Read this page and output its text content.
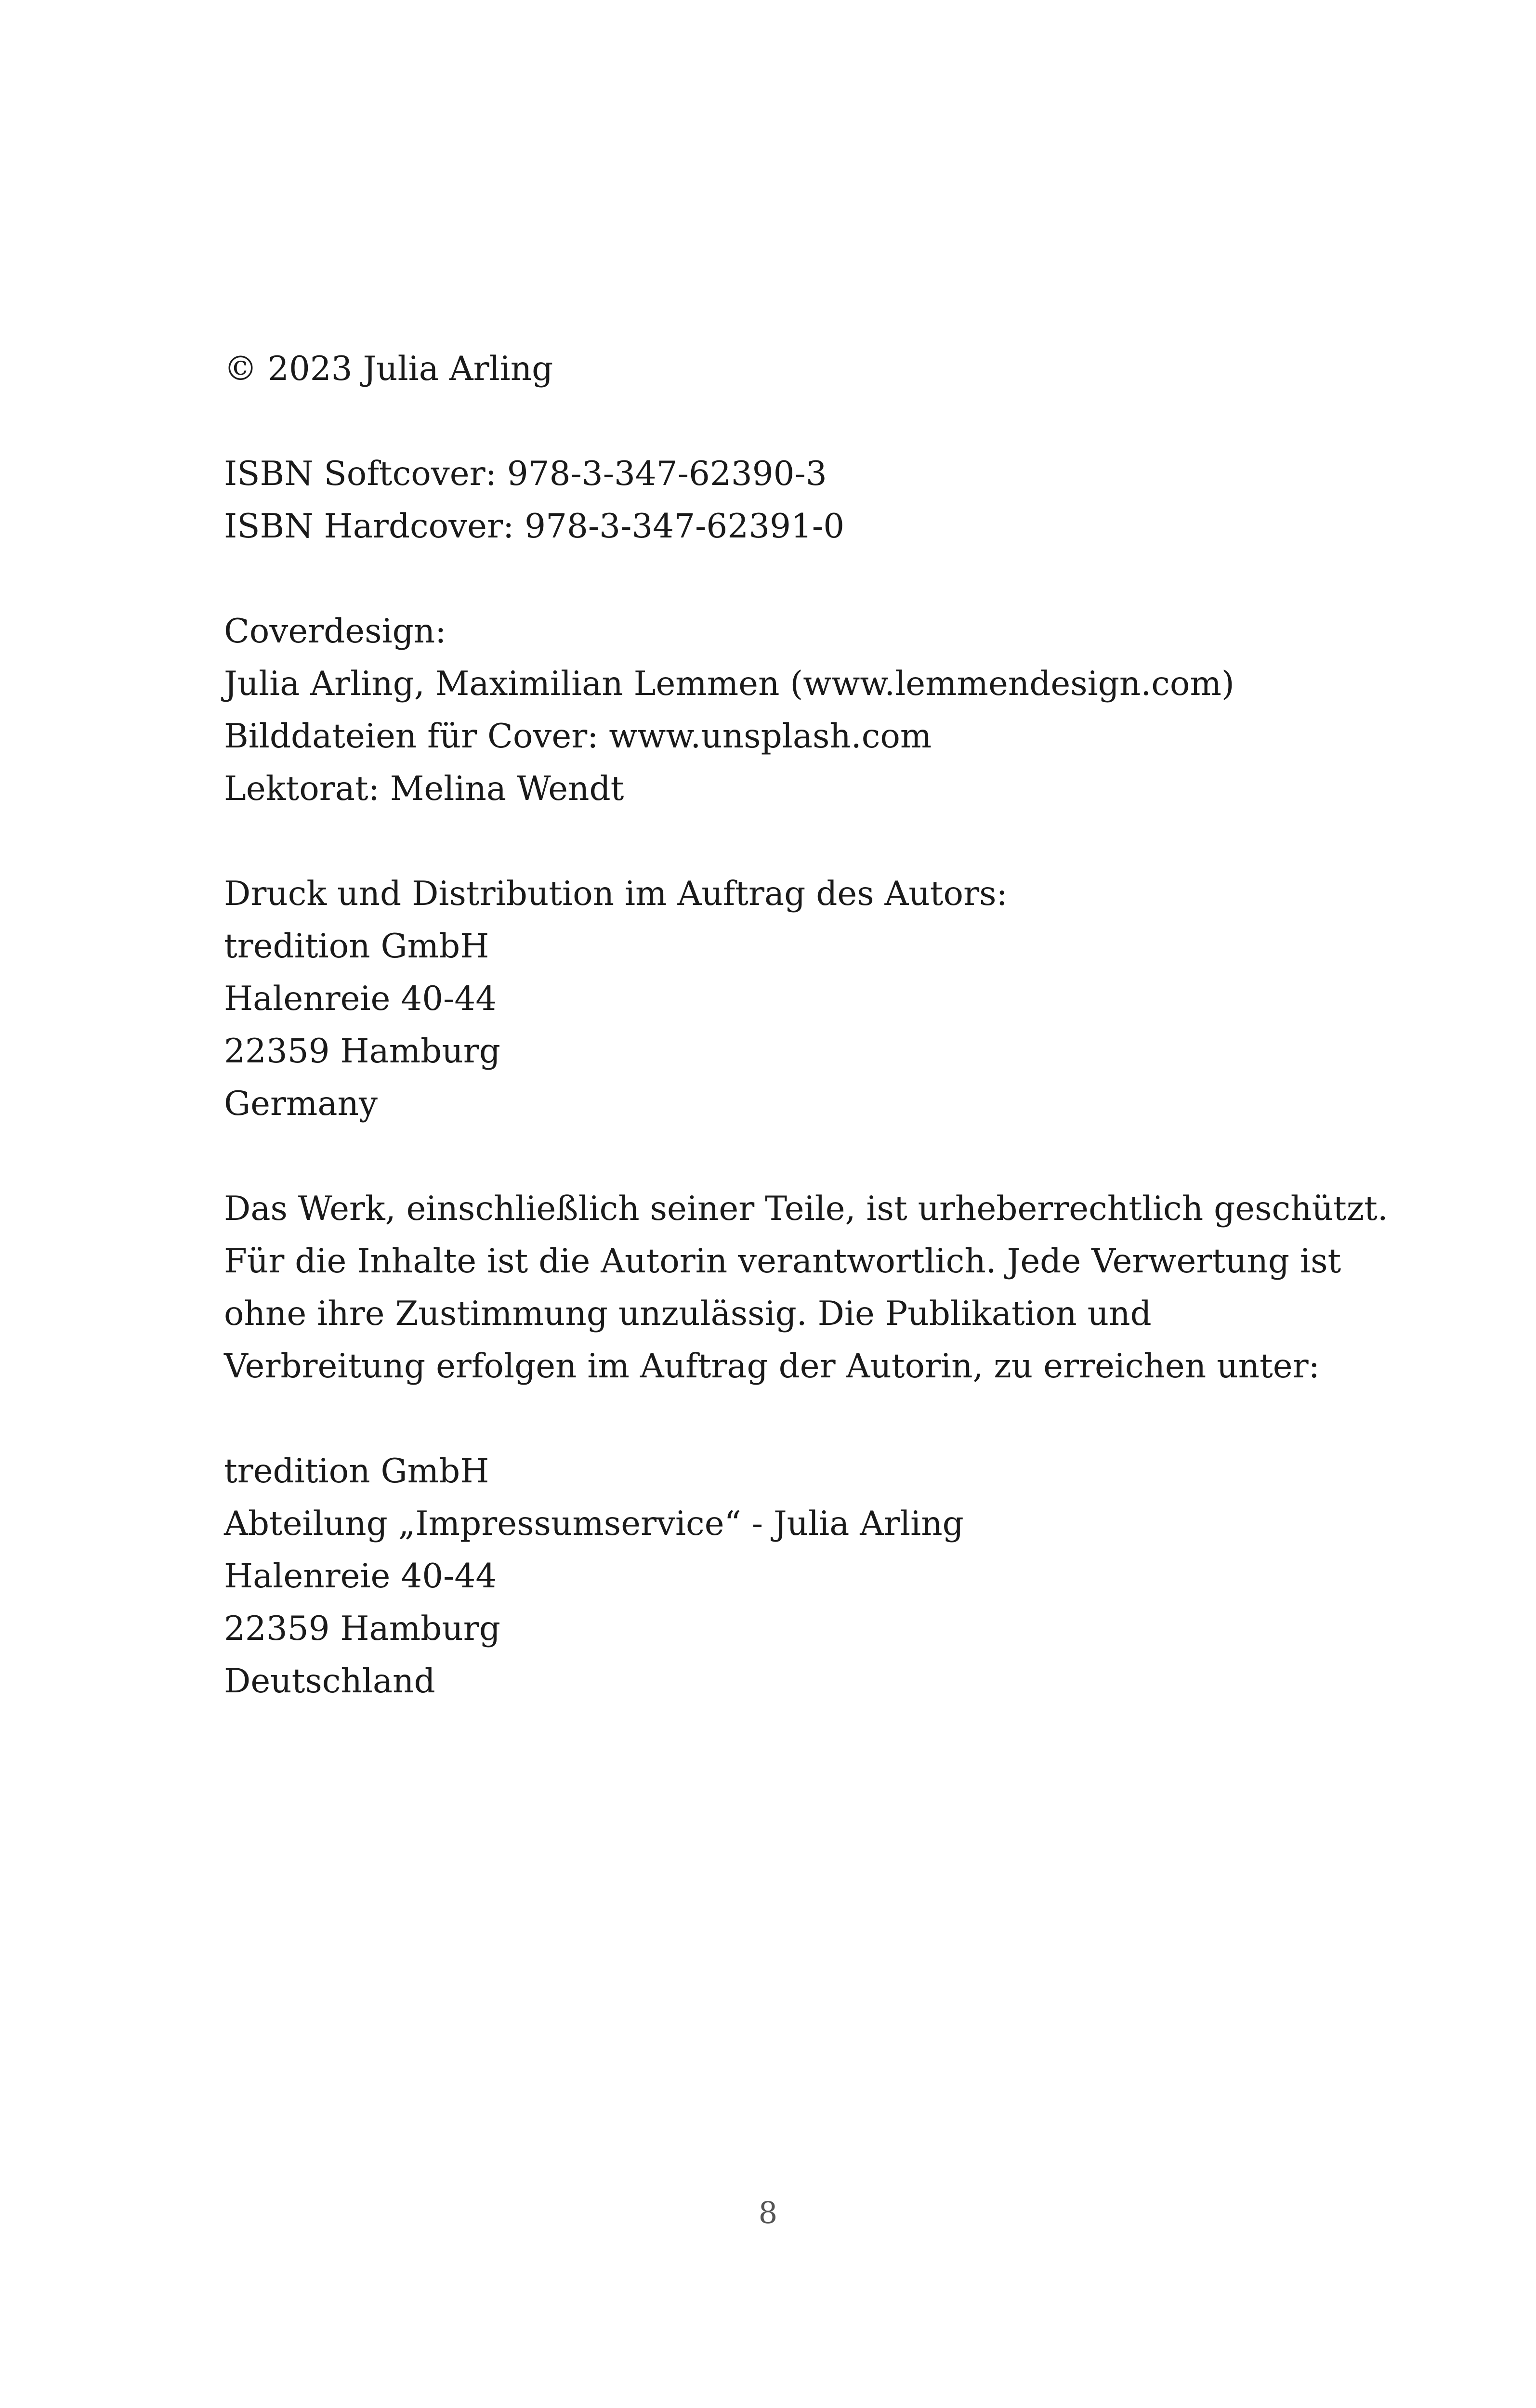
© 2023 Julia Arling
ISBN Softcover: 978-3-347-62390-3
ISBN Hardcover: 978-3-347-62391-0
Coverdesign:
Julia Arling, Maximilian Lemmen (www.lemmendesign.com)
Bilddateien für Cover: www.unsplash.com
Lektorat: Melina Wendt
Druck und Distribution im Auftrag des Autors:
tredition GmbH
Halenreie 40-44
22359 Hamburg
Germany
Das Werk, einschließlich seiner Teile, ist urheberrechtlich geschützt.
Für die Inhalte ist die Autorin verantwortlich. Jede Verwertung ist
ohne ihre Zustimmung unzulässig. Die Publikation und
Verbreitung erfolgen im Auftrag der Autorin, zu erreichen unter:
tredition GmbH
Abteilung „Impressumservice“ - Julia Arling
Halenreie 40-44
22359 Hamburg
Deutschland
8
